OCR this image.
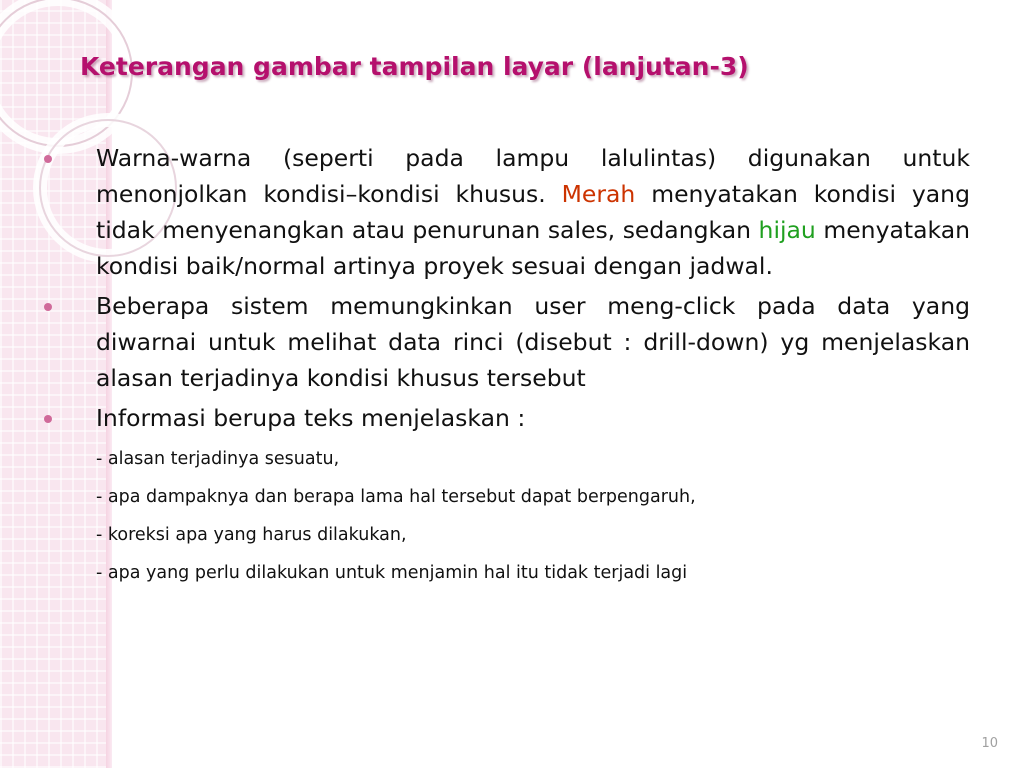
Keterangan gambar tampilan layar (lanjutan-3)
Warna-warna (seperti pada lampu lalulintas) digunakan untuk menonjolkan kondisi–kondisi khusus. Merah menyatakan kondisi yang tidak menyenangkan atau penurunan sales, sedangkan hijau menyatakan kondisi baik/normal artinya proyek sesuai dengan jadwal.
Beberapa sistem memungkinkan user meng-click pada data yang diwarnai untuk melihat data rinci (disebut : drill-down) yg menjelaskan alasan terjadinya kondisi khusus tersebut
Informasi berupa teks menjelaskan :
- alasan terjadinya sesuatu,
- apa dampaknya dan berapa lama hal tersebut dapat berpengaruh,
- koreksi apa yang harus dilakukan,
- apa yang perlu dilakukan untuk menjamin hal itu tidak terjadi lagi
10
